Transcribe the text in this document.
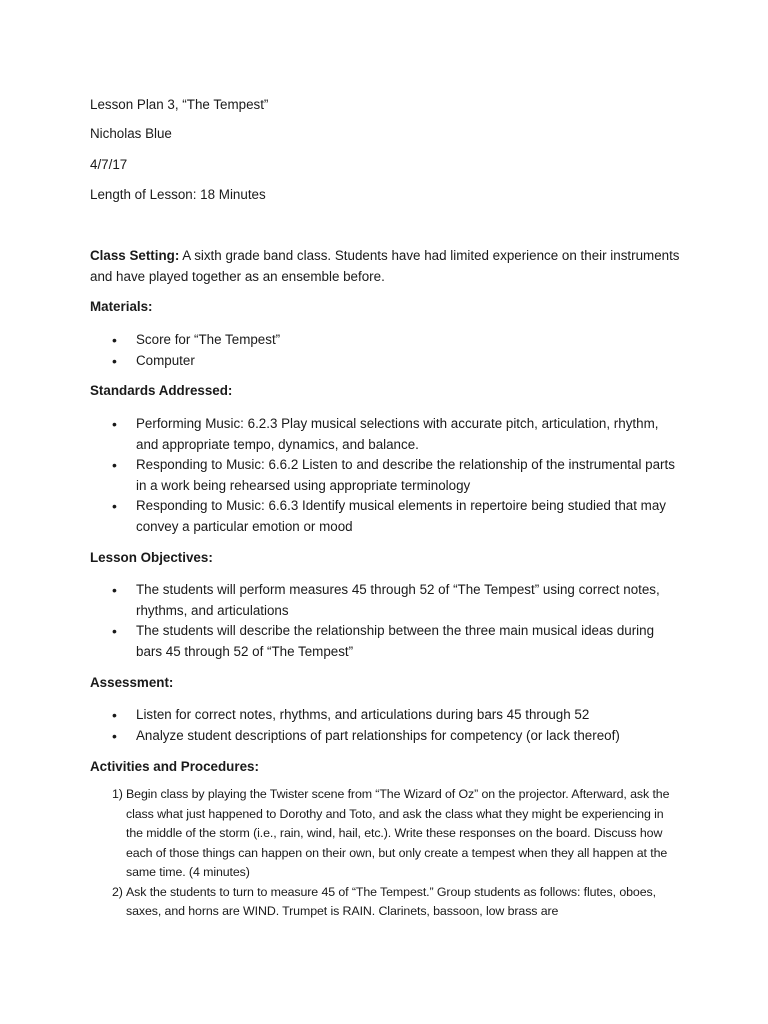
Lesson Plan 3, “The Tempest”
Nicholas Blue
4/7/17
Length of Lesson: 18 Minutes
Class Setting: A sixth grade band class. Students have had limited experience on their instruments and have played together as an ensemble before.
Materials:
• Score for “The Tempest”
• Computer
Standards Addressed:
• Performing Music: 6.2.3 Play musical selections with accurate pitch, articulation, rhythm, and appropriate tempo, dynamics, and balance.
• Responding to Music: 6.6.2 Listen to and describe the relationship of the instrumental parts in a work being rehearsed using appropriate terminology
• Responding to Music: 6.6.3 Identify musical elements in repertoire being studied that may convey a particular emotion or mood
Lesson Objectives:
• The students will perform measures 45 through 52 of “The Tempest” using correct notes, rhythms, and articulations
• The students will describe the relationship between the three main musical ideas during bars 45 through 52 of “The Tempest”
Assessment:
• Listen for correct notes, rhythms, and articulations during bars 45 through 52
• Analyze student descriptions of part relationships for competency (or lack thereof)
Activities and Procedures:
1) Begin class by playing the Twister scene from “The Wizard of Oz” on the projector. Afterward, ask the class what just happened to Dorothy and Toto, and ask the class what they might be experiencing in the middle of the storm (i.e., rain, wind, hail, etc.). Write these responses on the board. Discuss how each of those things can happen on their own, but only create a tempest when they all happen at the same time. (4 minutes)
2) Ask the students to turn to measure 45 of “The Tempest.” Group students as follows: flutes, oboes, saxes, and horns are WIND. Trumpet is RAIN. Clarinets, bassoon, low brass are
